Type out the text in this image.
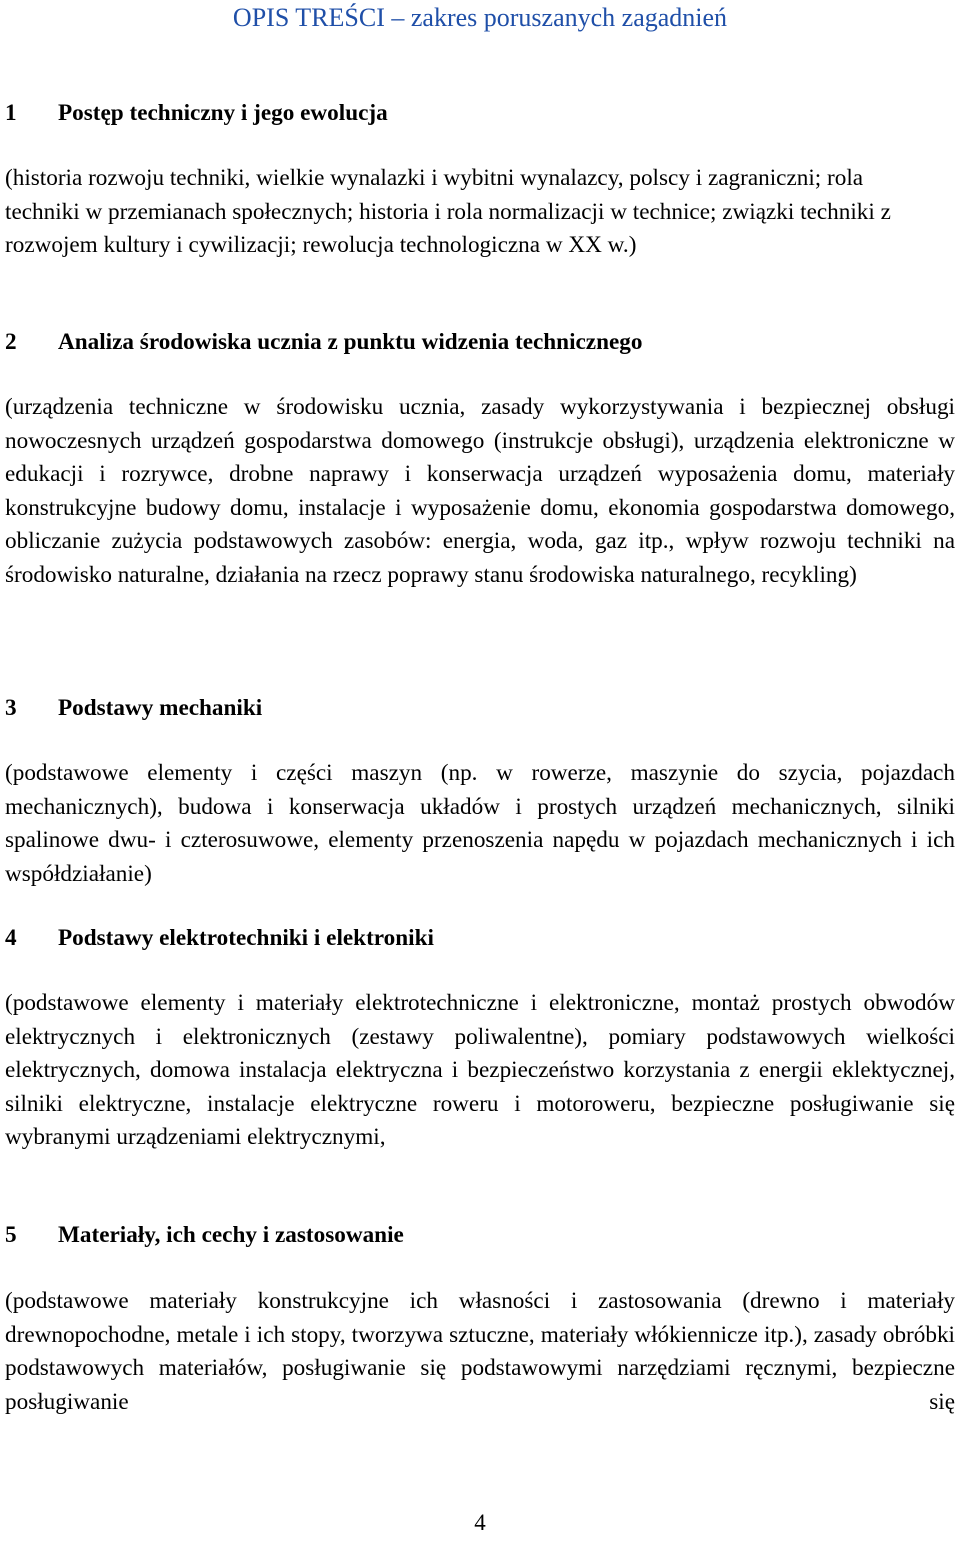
OPIS TREŚCI – zakres poruszanych zagadnień
1 Postęp techniczny i jego ewolucja
(historia rozwoju techniki, wielkie wynalazki i wybitni wynalazcy, polscy i zagraniczni; rola techniki w przemianach społecznych; historia i rola normalizacji w technice; związki techniki z rozwojem kultury i cywilizacji; rewolucja technologiczna w XX w.)
2 Analiza środowiska ucznia z punktu widzenia technicznego
(urządzenia techniczne w środowisku ucznia, zasady wykorzystywania i bezpiecznej obsługi nowoczesnych urządzeń gospodarstwa domowego (instrukcje obsługi), urządzenia elektroniczne w edukacji i rozrywce, drobne naprawy i konserwacja urządzeń wyposażenia domu, materiały konstrukcyjne budowy domu, instalacje i wyposażenie domu, ekonomia gospodarstwa domowego, obliczanie zużycia podstawowych zasobów: energia, woda, gaz itp., wpływ rozwoju techniki na środowisko naturalne, działania na rzecz poprawy stanu środowiska naturalnego, recykling)
3 Podstawy mechaniki
(podstawowe elementy i części maszyn (np. w rowerze, maszynie do szycia, pojazdach mechanicznych), budowa i konserwacja układów i prostych urządzeń mechanicznych, silniki spalinowe dwu- i czterosuwowe, elementy przenoszenia napędu w pojazdach mechanicznych i ich współdziałanie)
4 Podstawy elektrotechniki i elektroniki
(podstawowe elementy i materiały elektrotechniczne i elektroniczne, montaż prostych obwodów elektrycznych i elektronicznych (zestawy poliwalentne), pomiary podstawowych wielkości elektrycznych, domowa instalacja elektryczna i bezpieczeństwo korzystania z energii eklektycznej, silniki elektryczne, instalacje elektryczne roweru i motoroweru, bezpieczne posługiwanie się wybranymi urządzeniami elektrycznymi,
5 Materiały, ich cechy i zastosowanie
(podstawowe materiały konstrukcyjne ich własności i zastosowania (drewno i materiały drewnopochodne, metale i ich stopy, tworzywa sztuczne, materiały włókiennicze itp.), zasady obróbki podstawowych materiałów, posługiwanie się podstawowymi narzędziami ręcznymi, bezpieczne posługiwanie się
4
